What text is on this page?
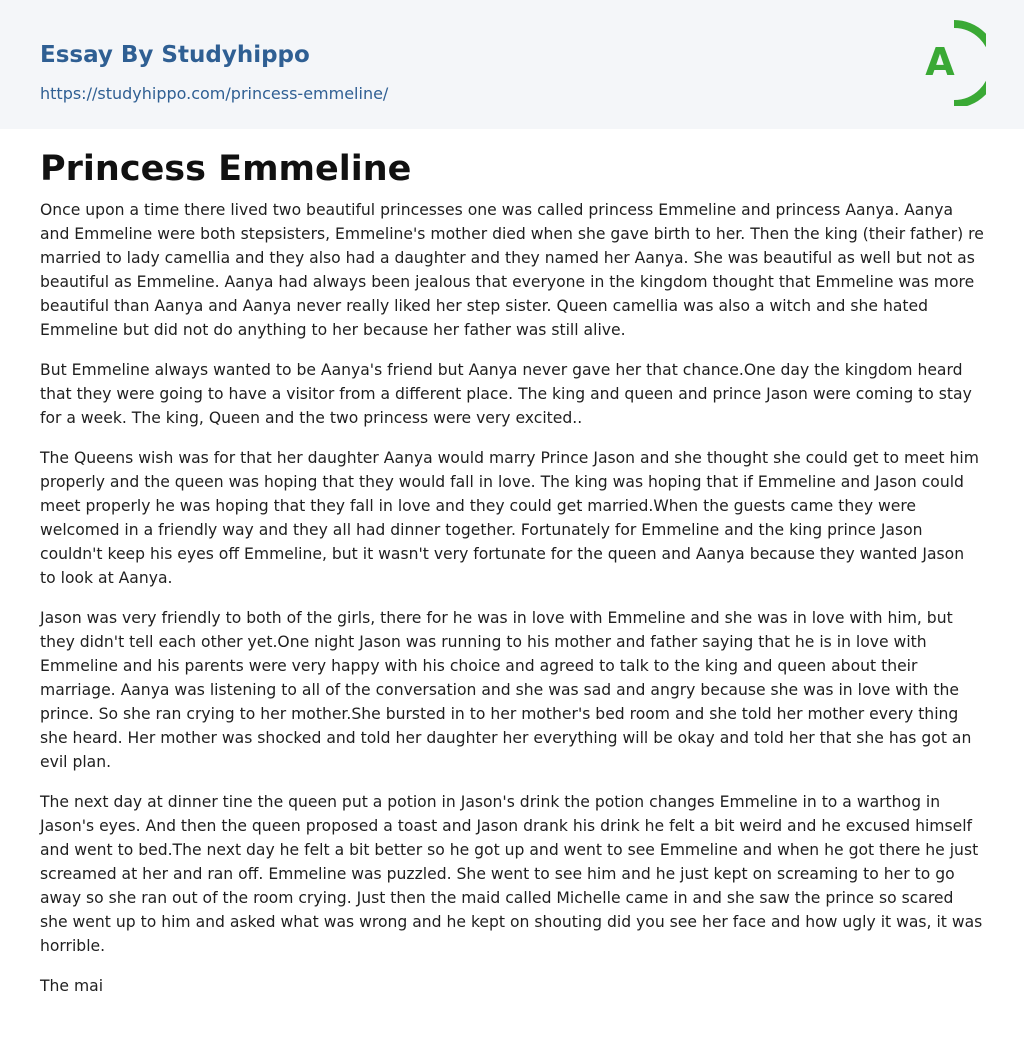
Essay By Studyhippo
https://studyhippo.com/princess-emmeline/
A
Princess Emmeline

Once upon a time there lived two beautiful princesses one was called princess Emmeline and princess Aanya. Aanya and Emmeline were both stepsisters, Emmeline's mother died when she gave birth to her. Then the king (their father) re married to lady camellia and they also had a daughter and they named her Aanya. She was beautiful as well but not as beautiful as Emmeline. Aanya had always been jealous that everyone in the kingdom thought that Emmeline was more beautiful than Aanya and Aanya never really liked her step sister. Queen camellia was also a witch and she hated Emmeline but did not do anything to her because her father was still alive.

But Emmeline always wanted to be Aanya's friend but Aanya never gave her that chance.One day the kingdom heard that they were going to have a visitor from a different place. The king and queen and prince Jason were coming to stay for a week. The king, Queen and the two princess were very excited..

The Queens wish was for that her daughter Aanya would marry Prince Jason and she thought she could get to meet him properly and the queen was hoping that they would fall in love. The king was hoping that if Emmeline and Jason could meet properly he was hoping that they fall in love and they could get married.When the guests came they were welcomed in a friendly way and they all had dinner together. Fortunately for Emmeline and the king prince Jason couldn't keep his eyes off Emmeline, but it wasn't very fortunate for the queen and Aanya because they wanted Jason to look at Aanya.

Jason was very friendly to both of the girls, there for he was in love with Emmeline and she was in love with him, but they didn't tell each other yet.One night Jason was running to his mother and father saying that he is in love with Emmeline and his parents were very happy with his choice and agreed to talk to the king and queen about their marriage. Aanya was listening to all of the conversation and she was sad and angry because she was in love with the prince. So she ran crying to her mother.She bursted in to her mother's bed room and she told her mother every thing she heard. Her mother was shocked and told her daughter her everything will be okay and told her that she has got an evil plan.

The next day at dinner tine the queen put a potion in Jason's drink the potion changes Emmeline in to a warthog in Jason's eyes. And then the queen proposed a toast and Jason drank his drink he felt a bit weird and he excused himself and went to bed.The next day he felt a bit better so he got up and went to see Emmeline and when he got there he just screamed at her and ran off. Emmeline was puzzled. She went to see him and he just kept on screaming to her to go away so she ran out of the room crying. Just then the maid called Michelle came in and she saw the prince so scared she went up to him and asked what was wrong and he kept on shouting did you see her face and how ugly it was, it was horrible.

The mai
